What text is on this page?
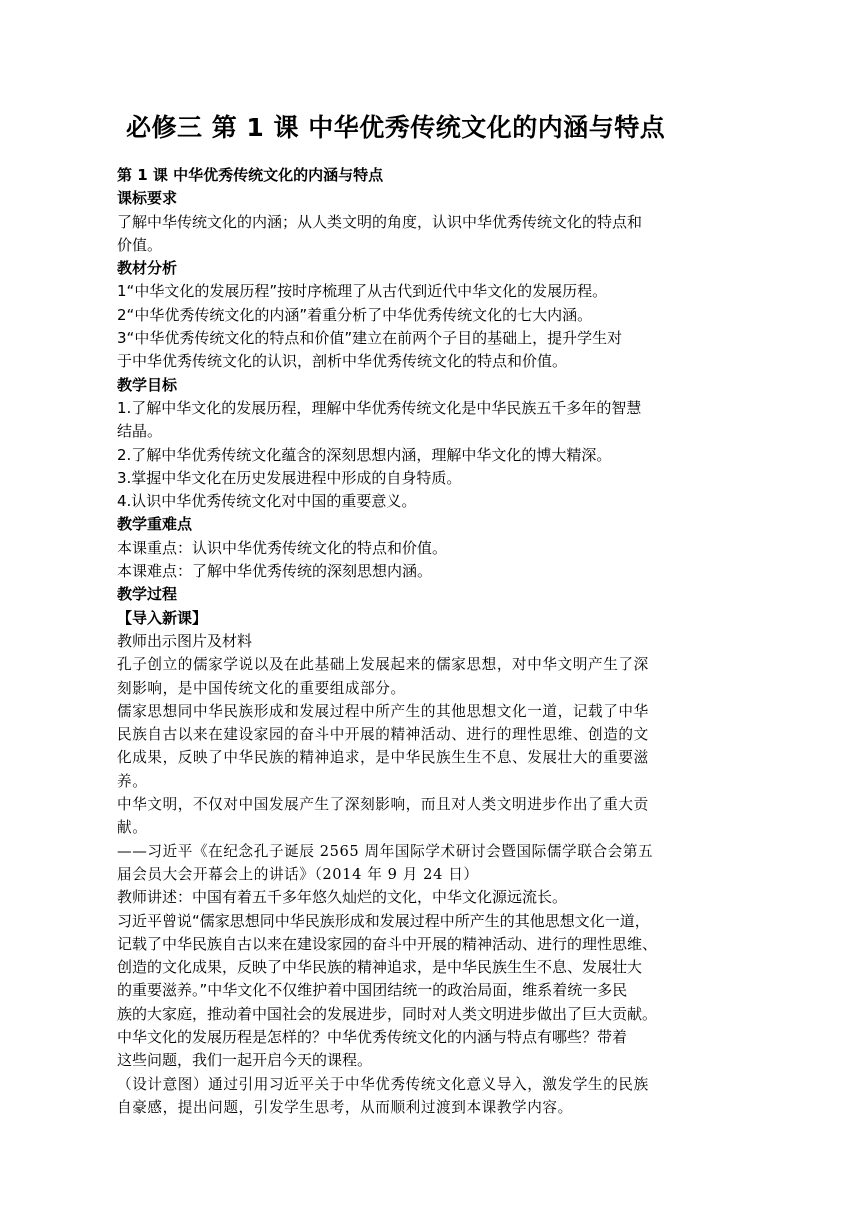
必修三 第 1 课 中华优秀传统文化的内涵与特点
第 1 课 中华优秀传统文化的内涵与特点
课标要求
了解中华传统文化的内涵；从人类文明的角度，认识中华优秀传统文化的特点和
价值。
教材分析
1“中华文化的发展历程”按时序梳理了从古代到近代中华文化的发展历程。
2“中华优秀传统文化的内涵”着重分析了中华优秀传统文化的七大内涵。
3“中华优秀传统文化的特点和价值”建立在前两个子目的基础上，提升学生对
于中华优秀传统文化的认识，剖析中华优秀传统文化的特点和价值。
教学目标
1.了解中华文化的发展历程，理解中华优秀传统文化是中华民族五千多年的智慧
结晶。
2.了解中华优秀传统文化蕴含的深刻思想内涵，理解中华文化的博大精深。
3.掌握中华文化在历史发展进程中形成的自身特质。
4.认识中华优秀传统文化对中国的重要意义。
教学重难点
本课重点：认识中华优秀传统文化的特点和价值。
本课难点：了解中华优秀传统的深刻思想内涵。
教学过程
【导入新课】
教师出示图片及材料
孔子创立的儒家学说以及在此基础上发展起来的儒家思想，对中华文明产生了深
刻影响，是中国传统文化的重要组成部分。
儒家思想同中华民族形成和发展过程中所产生的其他思想文化一道，记载了中华
民族自古以来在建设家园的奋斗中开展的精神活动、进行的理性思维、创造的文
化成果，反映了中华民族的精神追求，是中华民族生生不息、发展壮大的重要滋
养。
中华文明，不仅对中国发展产生了深刻影响，而且对人类文明进步作出了重大贡
献。
——习近平《在纪念孔子诞辰 2565 周年国际学术研讨会暨国际儒学联合会第五
届会员大会开幕会上的讲话》（2014 年 9 月 24 日）
教师讲述：中国有着五千多年悠久灿烂的文化，中华文化源远流长。
习近平曾说“儒家思想同中华民族形成和发展过程中所产生的其他思想文化一道，
记载了中华民族自古以来在建设家园的奋斗中开展的精神活动、进行的理性思维、
创造的文化成果，反映了中华民族的精神追求，是中华民族生生不息、发展壮大
的重要滋养。”中华文化不仅维护着中国团结统一的政治局面，维系着统一多民
族的大家庭，推动着中国社会的发展进步，同时对人类文明进步做出了巨大贡献。
中华文化的发展历程是怎样的？中华优秀传统文化的内涵与特点有哪些？带着
这些问题，我们一起开启今天的课程。
（设计意图）通过引用习近平关于中华优秀传统文化意义导入，激发学生的民族
自豪感，提出问题，引发学生思考，从而顺利过渡到本课教学内容。
